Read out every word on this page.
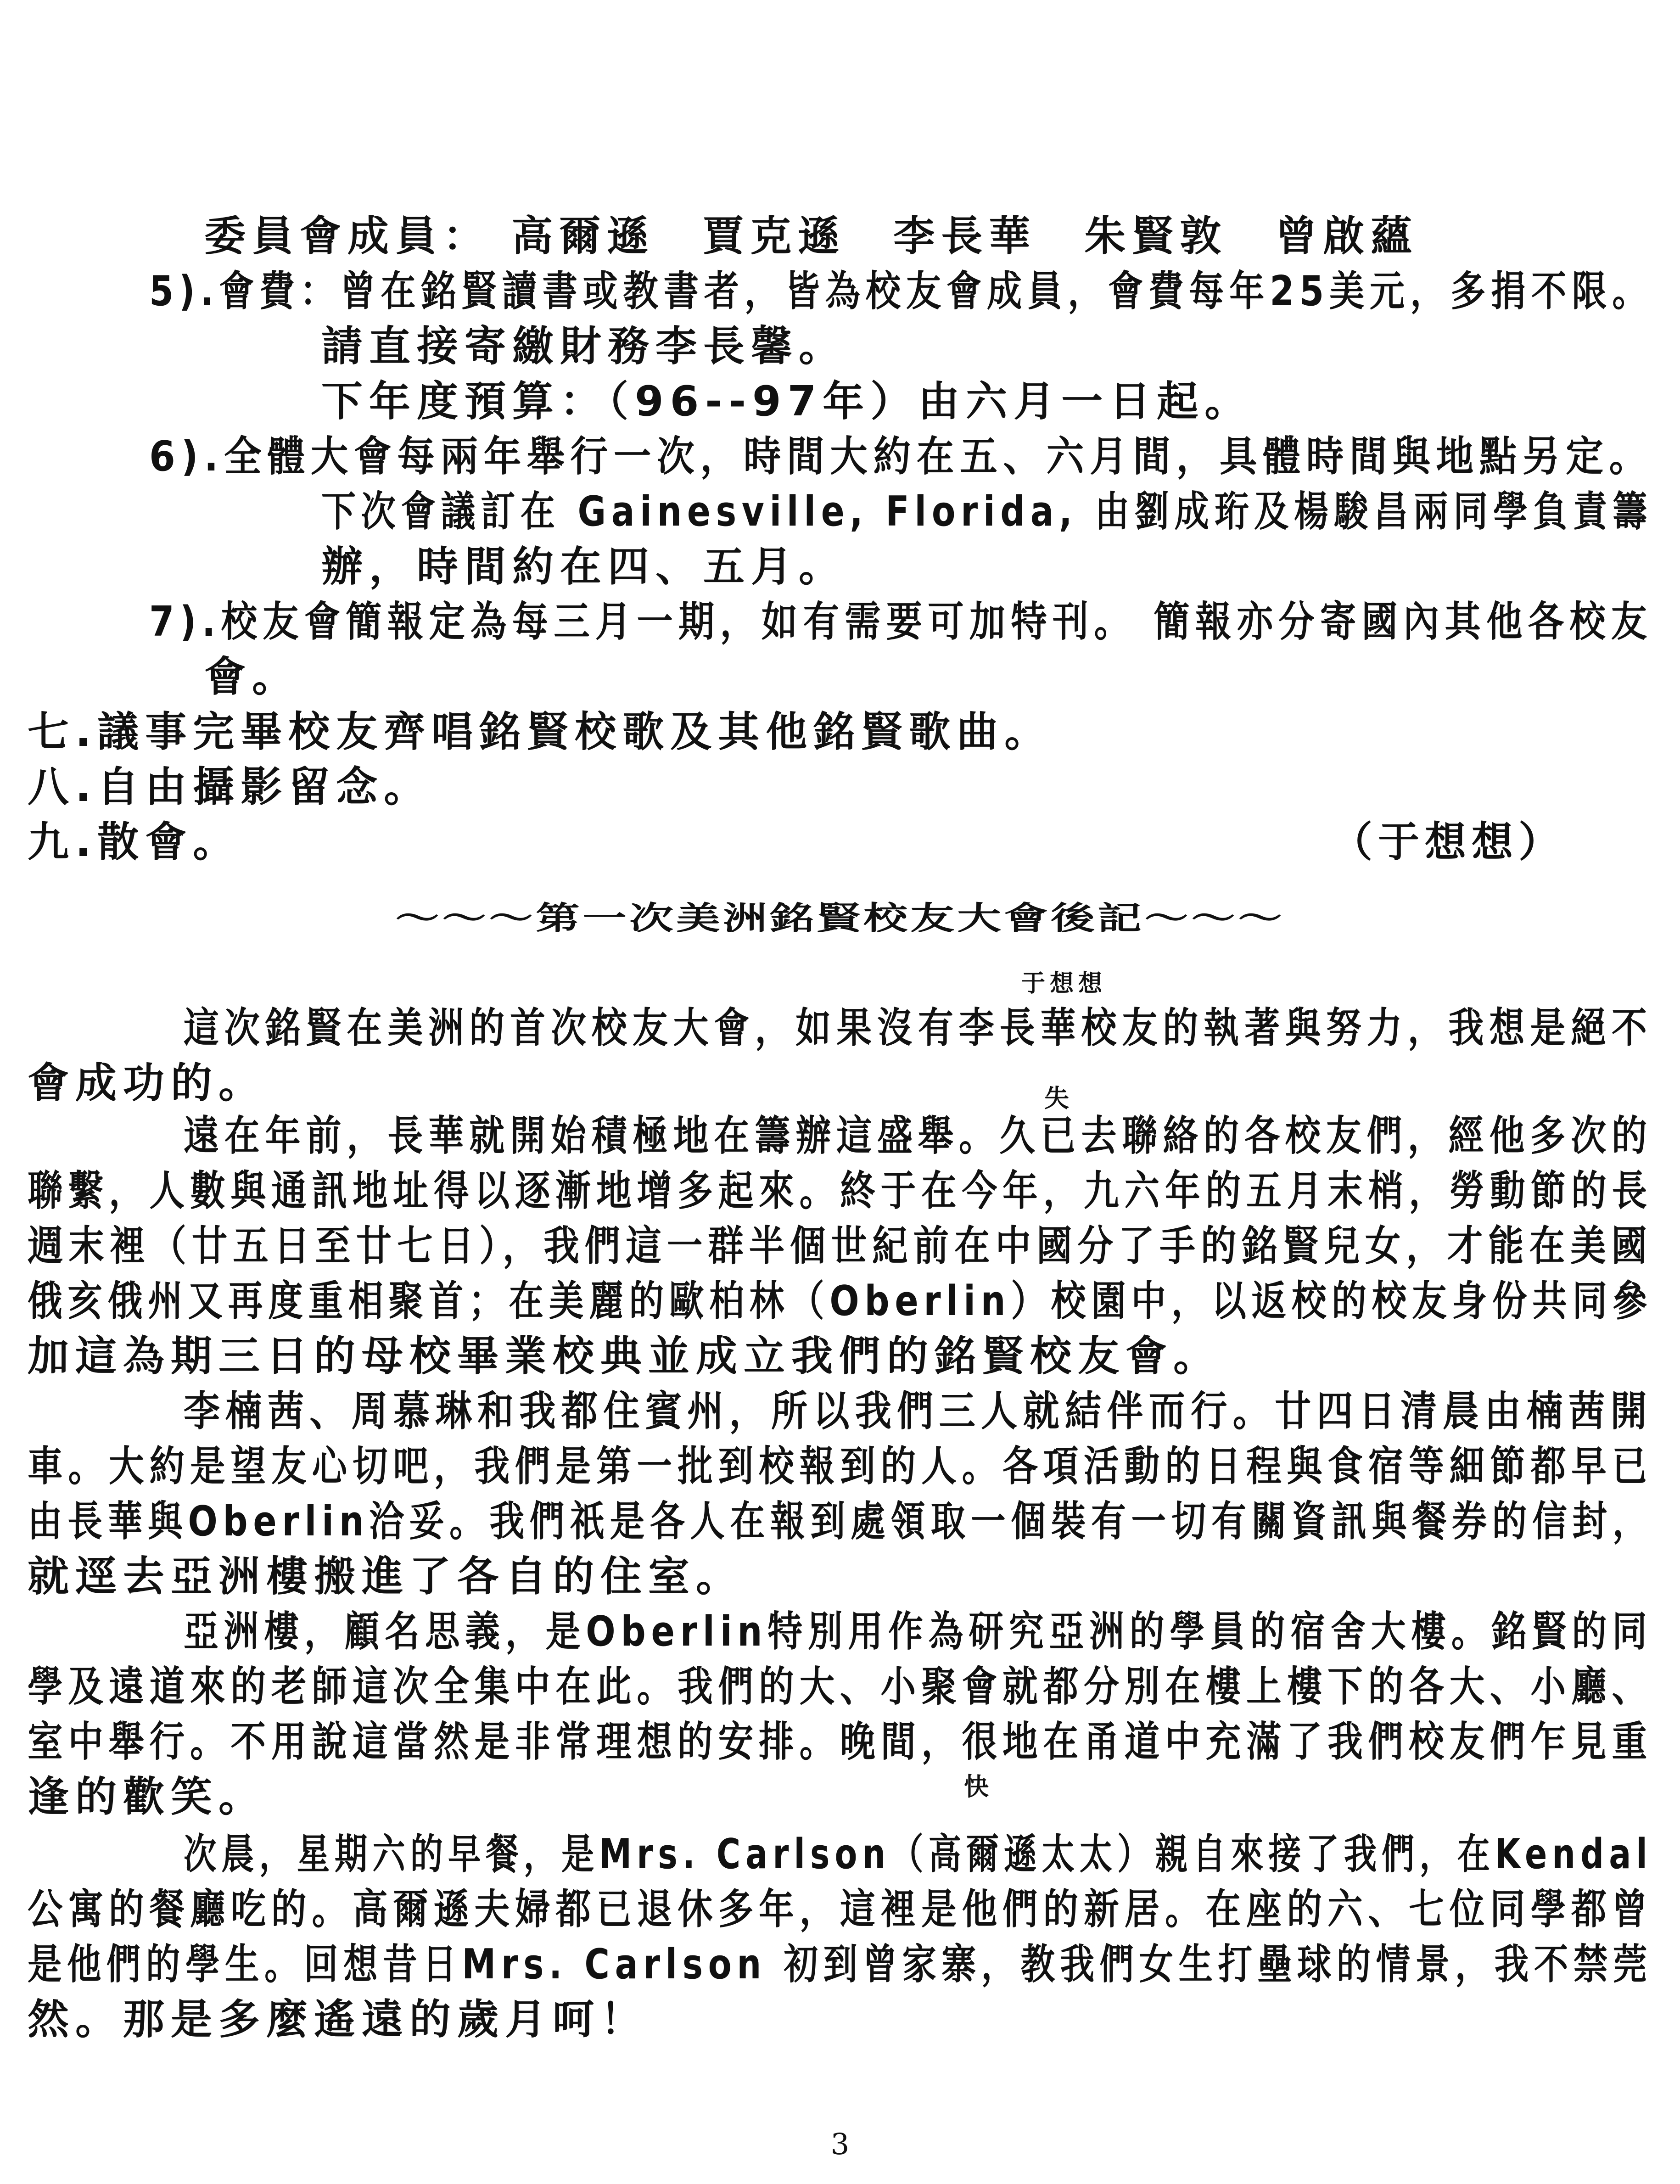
委員會成員： 高爾遜　賈克遜　李長華　朱賢敦　曾啟蘊
5).會費：曾在銘賢讀書或教書者，皆為校友會成員，會費每年25美元，多捐不限。
請直接寄繳財務李長馨。
下年度預算：（96--97年）由六月一日起。
6).全體大會每兩年舉行一次，時間大約在五、六月間，具體時間與地點另定。
下次會議訂在 Gainesville, Florida, 由劉成珩及楊駿昌兩同學負責籌
辦，時間約在四、五月。
7).校友會簡報定為每三月一期，如有需要可加特刊。 簡報亦分寄國內其他各校友
會。
七.議事完畢校友齊唱銘賢校歌及其他銘賢歌曲。
八.自由攝影留念。
九.散會。	（于想想）
～～～第一次美洲銘賢校友大會後記～～～
于想想
這次銘賢在美洲的首次校友大會，如果沒有李長華校友的執著與努力，我想是絕不
會成功的。	失
遠在年前，長華就開始積極地在籌辦這盛舉。久已去聯絡的各校友們，經他多次的
聯繫，人數與通訊地址得以逐漸地增多起來。終于在今年，九六年的五月末梢，勞動節的長
週末裡（廿五日至廿七日），我們這一群半個世紀前在中國分了手的銘賢兒女，才能在美國
俄亥俄州又再度重相聚首；在美麗的歐柏林（Oberlin）校園中，以返校的校友身份共同參
加這為期三日的母校畢業校典並成立我們的銘賢校友會。
李楠茜、周慕琳和我都住賓州，所以我們三人就結伴而行。廿四日清晨由楠茜開
車。大約是望友心切吧，我們是第一批到校報到的人。各項活動的日程與食宿等細節都早已
由長華與Oberlin洽妥。我們祇是各人在報到處領取一個裝有一切有關資訊與餐券的信封，
就逕去亞洲樓搬進了各自的住室。
亞洲樓，顧名思義，是Oberlin特別用作為研究亞洲的學員的宿舍大樓。銘賢的同
學及遠道來的老師這次全集中在此。我們的大、小聚會就都分別在樓上樓下的各大、小廳、
室中舉行。不用說這當然是非常理想的安排。晚間，很地在甬道中充滿了我們校友們乍見重
快
逢的歡笑。
次晨，星期六的早餐，是Mrs. Carlson（高爾遜太太）親自來接了我們，在Kendal
公寓的餐廳吃的。高爾遜夫婦都已退休多年，這裡是他們的新居。在座的六、七位同學都曾
是他們的學生。回想昔日Mrs. Carlson 初到曾家寨，教我們女生打壘球的情景，我不禁莞
然。那是多麼遙遠的歲月呵！
3
